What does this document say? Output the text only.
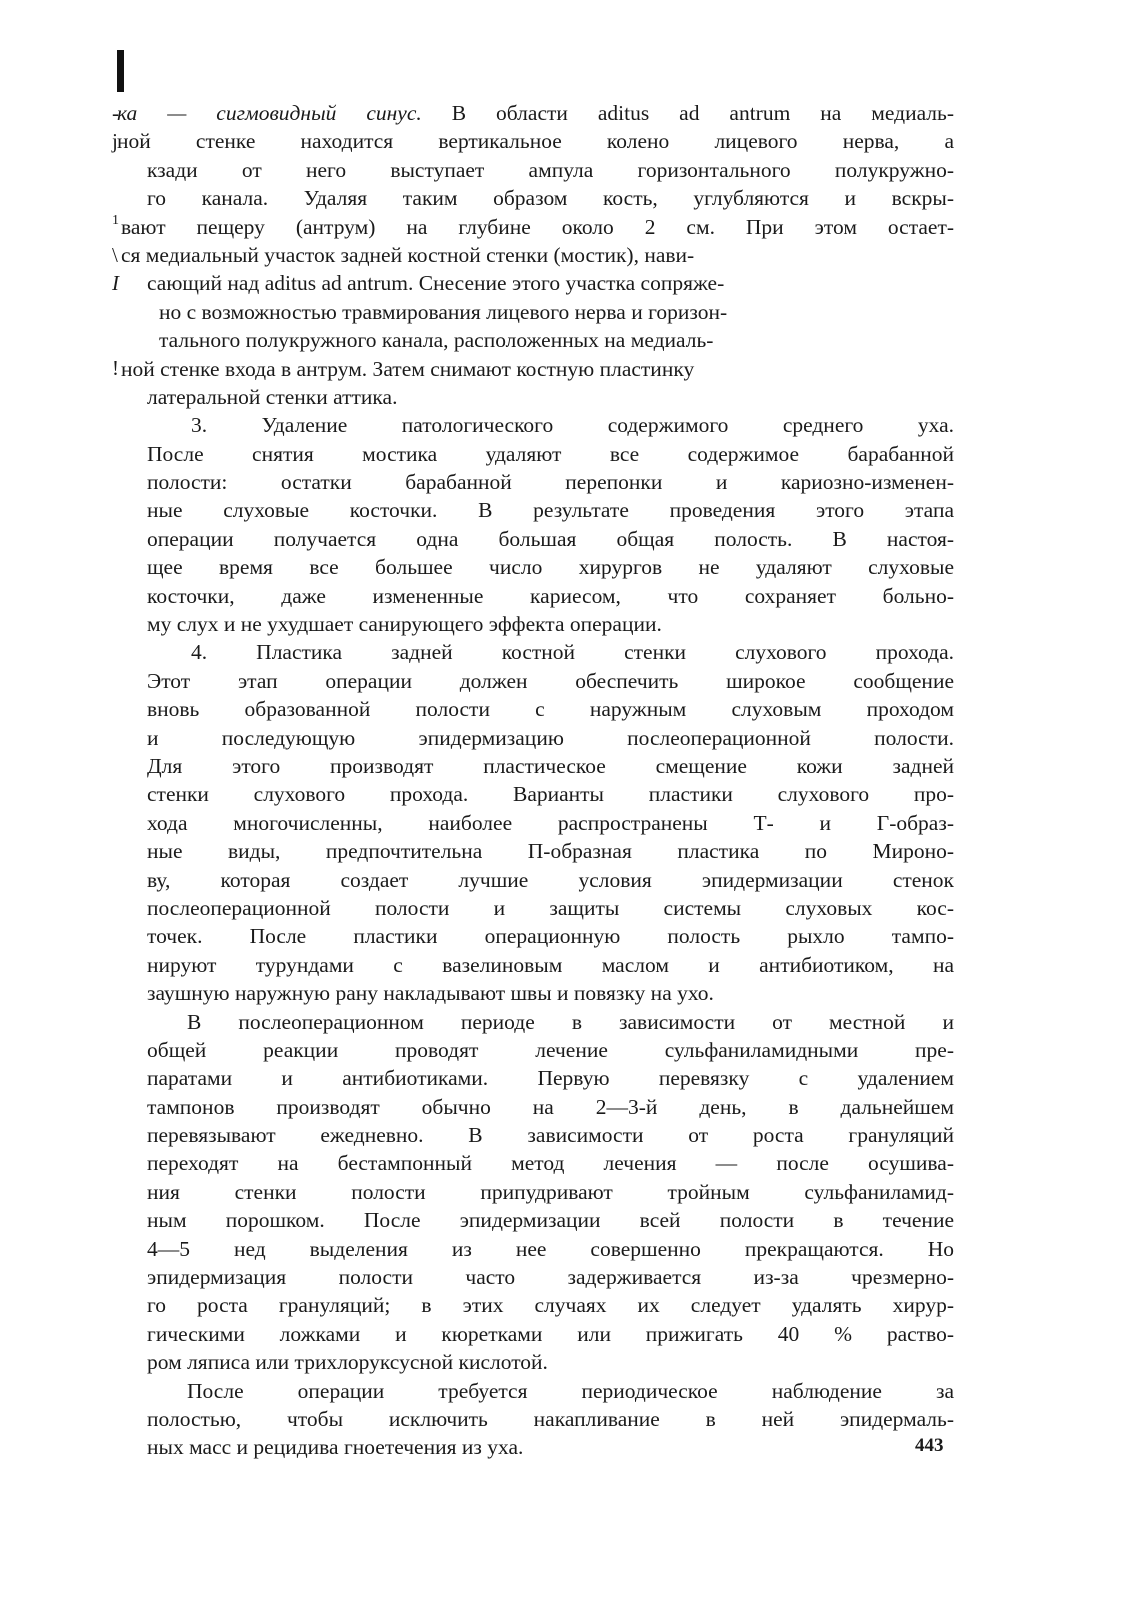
-
j
1
\
I
!
ка — сигмовидный синус. В области aditus ad antrum на медиаль-
ной стенке находится вертикальное колено лицевого нерва, а
кзади от него выступает ампула горизонтального полукружно-
го канала. Удаляя таким образом кость, углубляются и вскры-
вают пещеру (антрум) на глубине около 2 см. При этом остает-
ся медиальный участок задней костной стенки (мостик), нави-
сающий над aditus ad antrum. Снесение этого участка сопряже-
но с возможностью травмирования лицевого нерва и горизон-
тального полукружного канала, расположенных на медиаль-
ной стенке входа в антрум. Затем снимают костную пластинку
латеральной стенки аттика.
3. Удаление патологического содержимого среднего уха.
После снятия мостика удаляют все содержимое барабанной
полости: остатки барабанной перепонки и кариозно-изменен-
ные слуховые косточки. В результате проведения этого этапа
операции получается одна большая общая полость. В настоя-
щее время все большее число хирургов не удаляют слуховые
косточки, даже измененные кариесом, что сохраняет больно-
му слух и не ухудшает санирующего эффекта операции.
4. Пластика задней костной стенки слухового прохода.
Этот этап операции должен обеспечить широкое сообщение
вновь образованной полости с наружным слуховым проходом
и последующую эпидермизацию послеоперационной полости.
Для этого производят пластическое смещение кожи задней
стенки слухового прохода. Варианты пластики слухового про-
хода многочисленны, наиболее распространены Т- и Г-образ-
ные виды, предпочтительна П-образная пластика по Мироно-
ву, которая создает лучшие условия эпидермизации стенок
послеоперационной полости и защиты системы слуховых кос-
точек. После пластики операционную полость рыхло тампо-
нируют турундами с вазелиновым маслом и антибиотиком, на
заушную наружную рану накладывают швы и повязку на ухо.
В послеоперационном периоде в зависимости от местной и
общей реакции проводят лечение сульфаниламидными пре-
паратами и антибиотиками. Первую перевязку с удалением
тампонов производят обычно на 2—3-й день, в дальнейшем
перевязывают ежедневно. В зависимости от роста грануляций
переходят на бестампонный метод лечения — после осушива-
ния стенки полости припудривают тройным сульфаниламид-
ным порошком. После эпидермизации всей полости в течение
4—5 нед выделения из нее совершенно прекращаются. Но
эпидермизация полости часто задерживается из-за чрезмерно-
го роста грануляций; в этих случаях их следует удалять хирур-
гическими ложками и кюретками или прижигать 40 % раство-
ром ляписа или трихлоруксусной кислотой.
После операции требуется периодическое наблюдение за
полостью, чтобы исключить накапливание в ней эпидермаль-
ных масс и рецидива гноетечения из уха.	443
